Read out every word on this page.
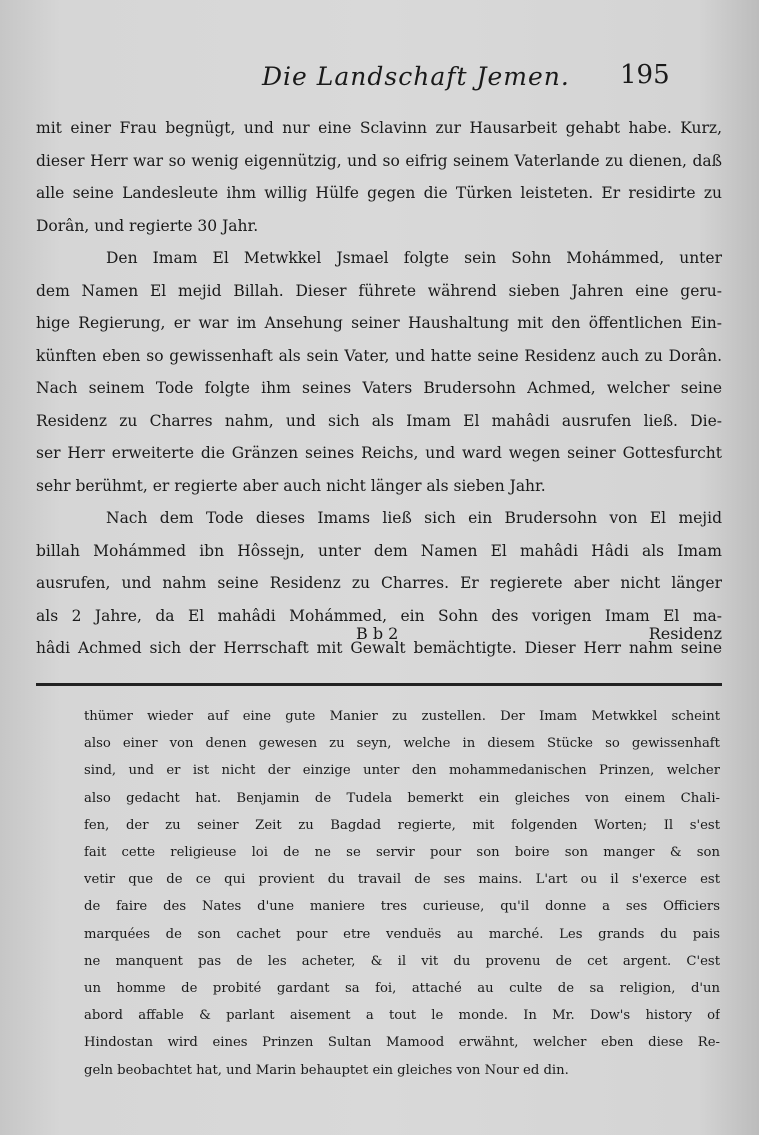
Die Landschaft Jemen. 195
mit einer Frau begnügt, und nur eine Sclavinn zur Hausarbeit gehabt habe. Kurz,
dieser Herr war so wenig eigennützig, und so eifrig seinem Vaterlande zu dienen, daß
alle seine Landesleute ihm willig Hülfe gegen die Türken leisteten. Er residirte zu
Dorân, und regierte 30 Jahr.
Den Imam El Metwkkel Jsmael folgte sein Sohn Mohámmed, unter
dem Namen El mejid Billah. Dieser führete während sieben Jahren eine geru-
hige Regierung, er war im Ansehung seiner Haushaltung mit den öffentlichen Ein-
künften eben so gewissenhaft als sein Vater, und hatte seine Residenz auch zu Dorân.
Nach seinem Tode folgte ihm seines Vaters Brudersohn Achmed, welcher seine
Residenz zu Charres nahm, und sich als Imam El mahâdi ausrufen ließ. Die-
ser Herr erweiterte die Gränzen seines Reichs, und ward wegen seiner Gottesfurcht
sehr berühmt, er regierte aber auch nicht länger als sieben Jahr.
Nach dem Tode dieses Imams ließ sich ein Brudersohn von El mejid
billah Mohámmed ibn Hôssejn, unter dem Namen El mahâdi Hâdi als Imam
ausrufen, und nahm seine Residenz zu Charres. Er regierete aber nicht länger
als 2 Jahre, da El mahâdi Mohámmed, ein Sohn des vorigen Imam El ma-
hâdi Achmed sich der Herrschaft mit Gewalt bemächtigte. Dieser Herr nahm seine
B b 2	Residenz
thümer wieder auf eine gute Manier zu zustellen. Der Imam Metwkkel scheint
also einer von denen gewesen zu seyn, welche in diesem Stücke so gewissenhaft
sind, und er ist nicht der einzige unter den mohammedanischen Prinzen, welcher
also gedacht hat. Benjamin de Tudela bemerkt ein gleiches von einem Chali-
fen, der zu seiner Zeit zu Bagdad regierte, mit folgenden Worten; Il s'est
fait cette religieuse loi de ne se servir pour son boire son manger & son
vetir que de ce qui provient du travail de ses mains. L'art ou il s'exerce est
de faire des Nates d'une maniere tres curieuse, qu'il donne a ses Officiers
marquées de son cachet pour etre venduës au marché. Les grands du pais
ne manquent pas de les acheter, & il vit du provenu de cet argent. C'est
un homme de probité gardant sa foi, attaché au culte de sa religion, d'un
abord affable & parlant aisement a tout le monde. In Mr. Dow's history of
Hindostan wird eines Prinzen Sultan Mamood erwähnt, welcher eben diese Re-
geln beobachtet hat, und Marin behauptet ein gleiches von Nour ed din.
